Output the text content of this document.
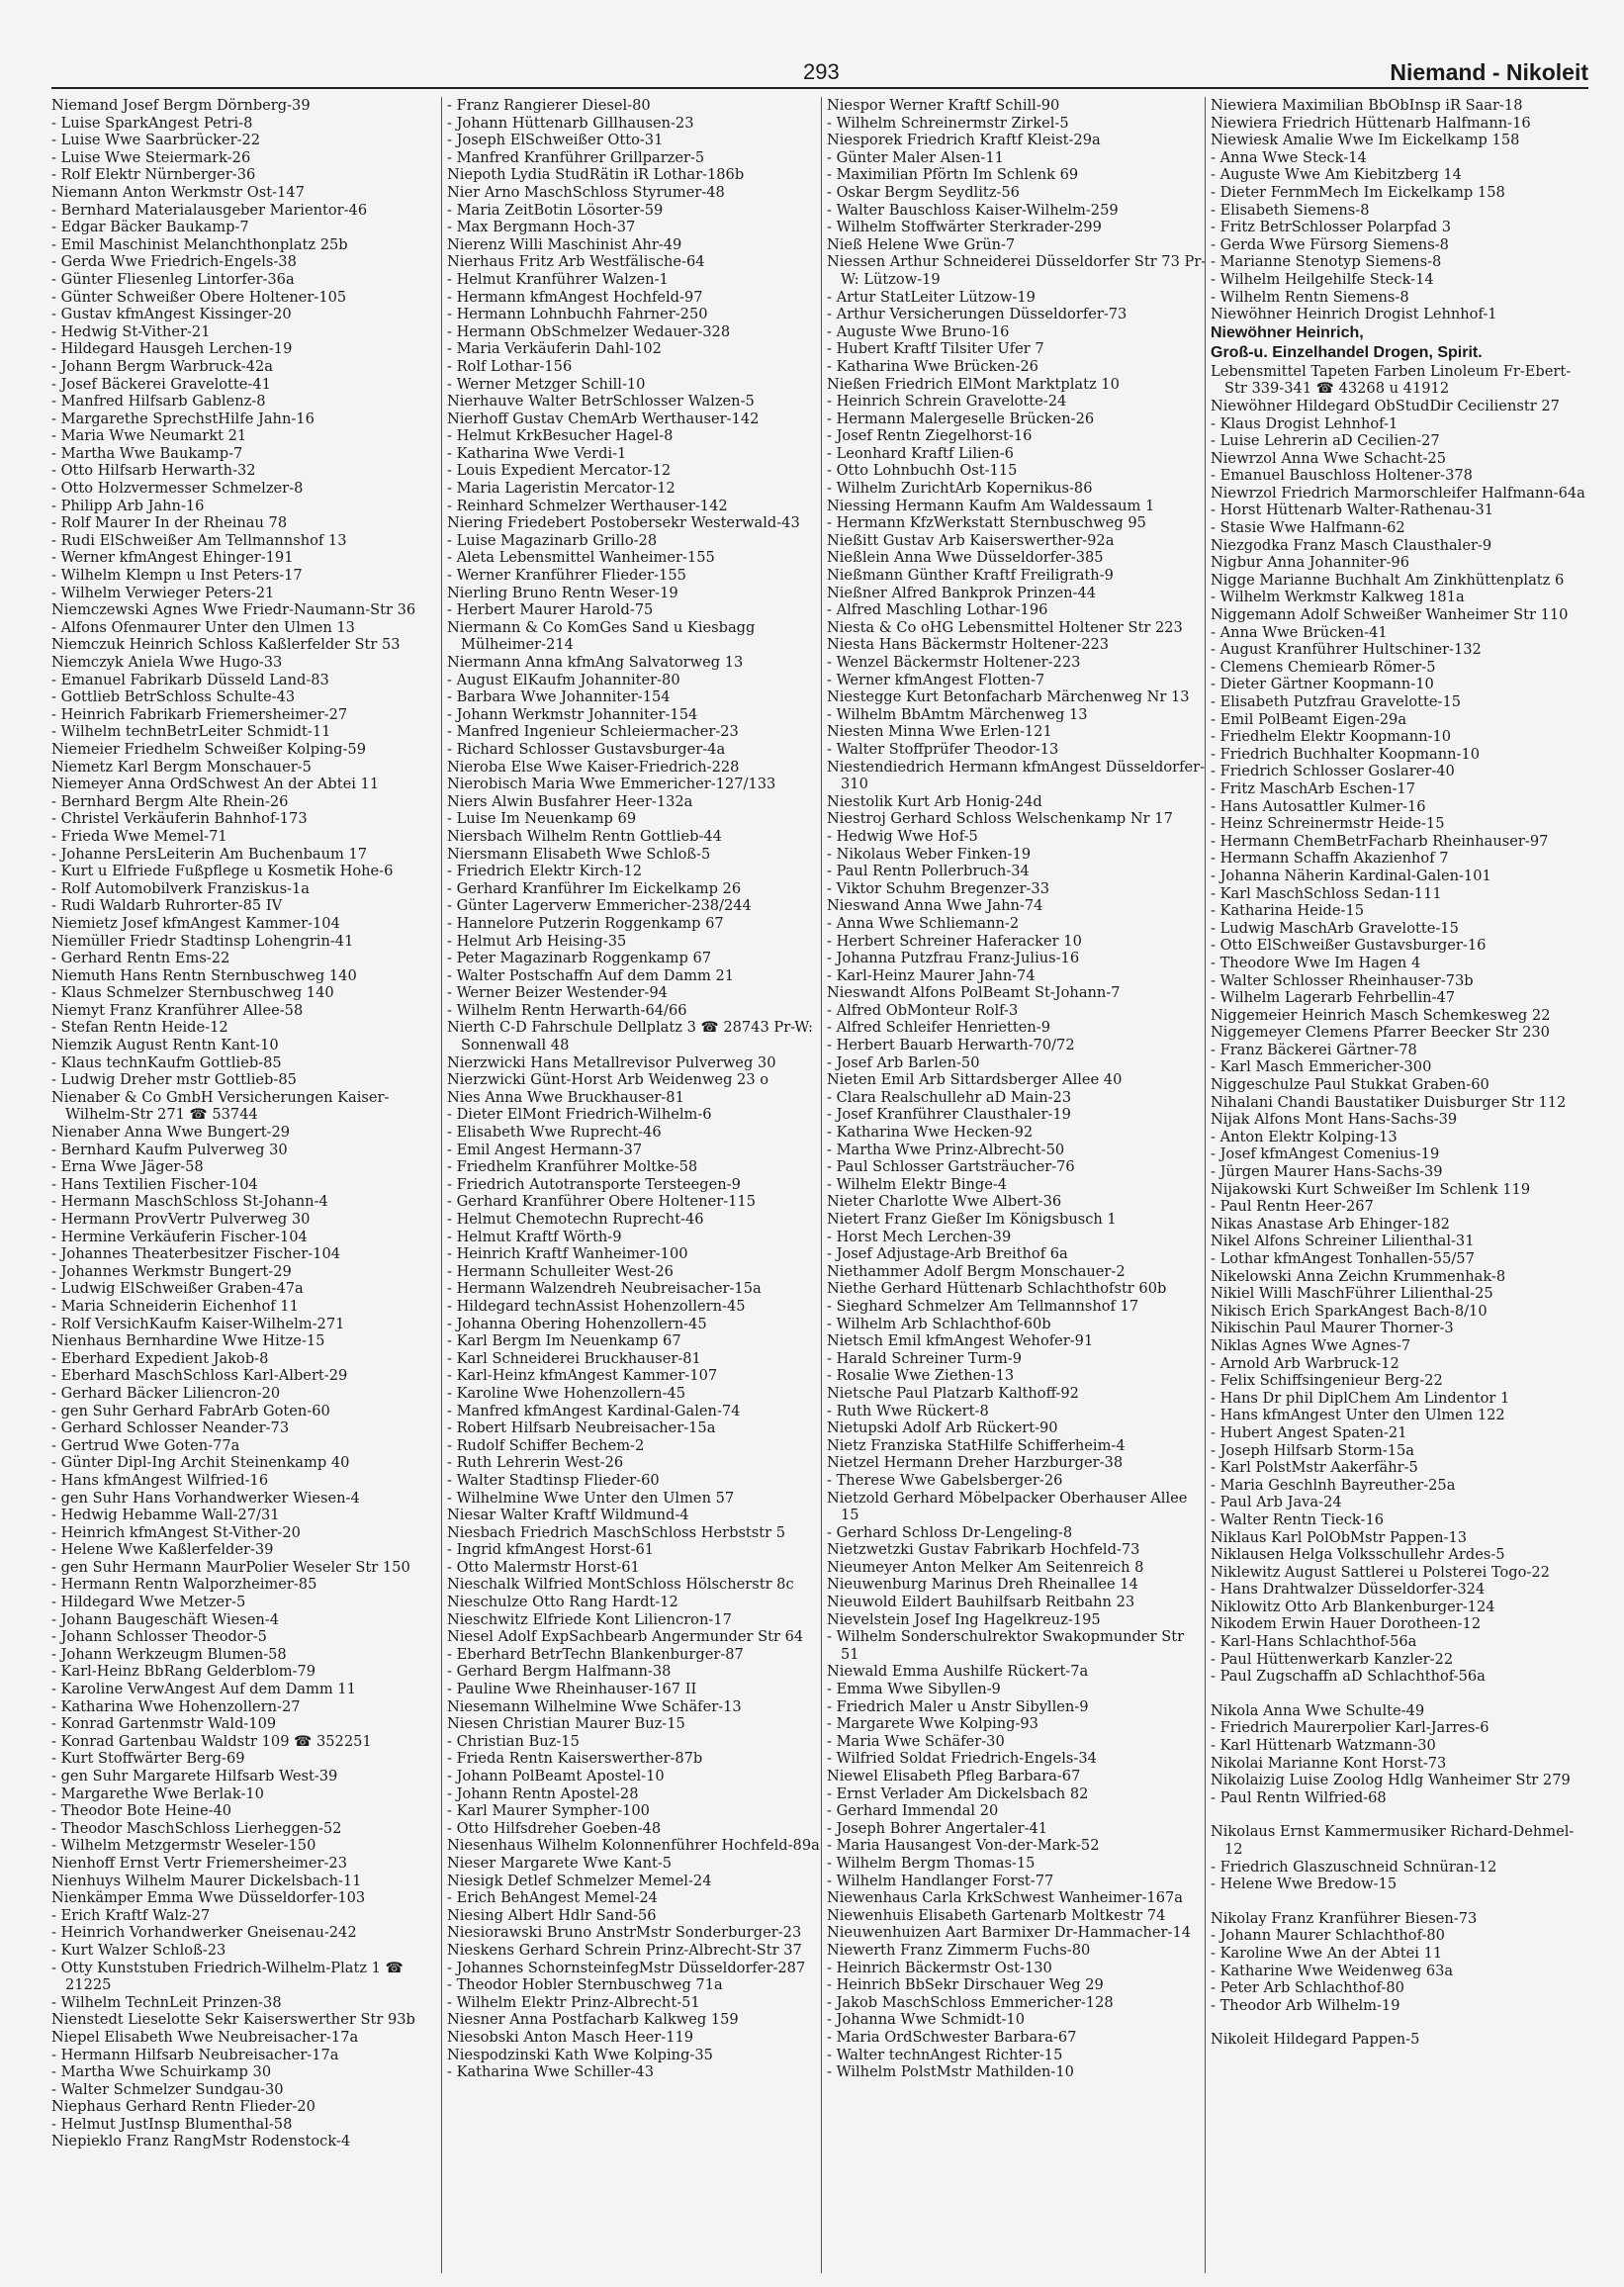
293	Niemand - Nikoleit
Niemand Josef Bergm Dörnberg-39
- Luise SparkAngest Petri-8
- Luise Wwe Saarbrücker-22
- Luise Wwe Steiermark-26
- Rolf Elektr Nürnberger-36
Niemann Anton Werkmstr Ost-147
- Bernhard Materialausgeber Marientor-46
- Edgar Bäcker Baukamp-7
- Emil Maschinist Melanchthonplatz 25b
- Gerda Wwe Friedrich-Engels-38
- Günter Fliesenleg Lintorfer-36a
- Günter Schweißer Obere Holtener-105
- Gustav kfmAngest Kissinger-20
- Hedwig St-Vither-21
- Hildegard Hausgeh Lerchen-19
- Johann Bergm Warbruck-42a
- Josef Bäckerei Gravelotte-41
- Manfred Hilfsarb Gablenz-8
- Margarethe SprechstHilfe Jahn-16
- Maria Wwe Neumarkt 21
- Martha Wwe Baukamp-7
- Otto Hilfsarb Herwarth-32
- Otto Holzvermesser Schmelzer-8
- Philipp Arb Jahn-16
- Rolf Maurer In der Rheinau 78
- Rudi ElSchweißer Am Tellmannshof 13
- Werner kfmAngest Ehinger-191
- Wilhelm Klempn u Inst Peters-17
- Wilhelm Verwieger Peters-21
Niemczewski Agnes Wwe Friedr-Naumann-Str 36
- Alfons Ofenmaurer Unter den Ulmen 13
Niemczuk Heinrich Schloss Kaßlerfelder Str 53
Niemczyk Aniela Wwe Hugo-33
- Emanuel Fabrikarb Düsseld Land-83
- Gottlieb BetrSchloss Schulte-43
- Heinrich Fabrikarb Friemersheimer-27
- Wilhelm technBetrLeiter Schmidt-11
Niemeier Friedhelm Schweißer Kolping-59
Niemetz Karl Bergm Monschauer-5
Niemeyer Anna OrdSchwest An der Abtei 11
- Bernhard Bergm Alte Rhein-26
- Christel Verkäuferin Bahnhof-173
- Frieda Wwe Memel-71
- Johanne PersLeiterin Am Buchenbaum 17
- Kurt u Elfriede Fußpflege u Kosmetik Hohe-6
- Rolf Automobilverk Franziskus-1a
- Rudi Waldarb Ruhrorter-85 IV
Niemietz Josef kfmAngest Kammer-104
Niemüller Friedr Stadtinsp Lohengrin-41
- Gerhard Rentn Ems-22
Niemuth Hans Rentn Sternbuschweg 140
- Klaus Schmelzer Sternbuschweg 140
Niemyt Franz Kranführer Allee-58
- Stefan Rentn Heide-12
Niemzik August Rentn Kant-10
- Klaus technKaufm Gottlieb-85
- Ludwig Dreher mstr Gottlieb-85
Nienaber & Co GmbH Versicherungen Kaiser-Wilhelm-Str 271 ☎ 53744
Nienaber Anna Wwe Bungert-29
- Bernhard Kaufm Pulverweg 30
- Erna Wwe Jäger-58
- Hans Textilien Fischer-104
- Hermann MaschSchloss St-Johann-4
- Hermann ProvVertr Pulverweg 30
- Hermine Verkäuferin Fischer-104
- Johannes Theaterbesitzer Fischer-104
- Johannes Werkmstr Bungert-29
- Ludwig ElSchweißer Graben-47a
- Maria Schneiderin Eichenhof 11
- Rolf VersichKaufm Kaiser-Wilhelm-271
Nienhaus Bernhardine Wwe Hitze-15
- Eberhard Expedient Jakob-8
- Eberhard MaschSchloss Karl-Albert-29
- Gerhard Bäcker Liliencron-20
- gen Suhr Gerhard FabrArb Goten-60
- Gerhard Schlosser Neander-73
- Gertrud Wwe Goten-77a
- Günter Dipl-Ing Archit Steinenkamp 40
- Hans kfmAngest Wilfried-16
- gen Suhr Hans Vorhandwerker Wiesen-4
- Hedwig Hebamme Wall-27/31
- Heinrich kfmAngest St-Vither-20
- Helene Wwe Kaßlerfelder-39
- gen Suhr Hermann MaurPolier Weseler Str 150
- Hermann Rentn Walporzheimer-85
- Hildegard Wwe Metzer-5
- Johann Baugeschäft Wiesen-4
- Johann Schlosser Theodor-5
- Johann Werkzeugm Blumen-58
- Karl-Heinz BbRang Gelderblom-79
- Karoline VerwAngest Auf dem Damm 11
- Katharina Wwe Hohenzollern-27
- Konrad Gartenmstr Wald-109
- Konrad Gartenbau Waldstr 109 ☎ 352251
- Kurt Stoffwärter Berg-69
- gen Suhr Margarete Hilfsarb West-39
- Margarethe Wwe Berlak-10
- Theodor Bote Heine-40
- Theodor MaschSchloss Lierheggen-52
- Wilhelm Metzgermstr Weseler-150
Nienhoff Ernst Vertr Friemersheimer-23
Nienhuys Wilhelm Maurer Dickelsbach-11
Nienkämper Emma Wwe Düsseldorfer-103
- Erich Kraftf Walz-27
- Heinrich Vorhandwerker Gneisenau-242
- Kurt Walzer Schloß-23
- Otty Kunststuben Friedrich-Wilhelm-Platz 1 ☎ 21225
- Wilhelm TechnLeit Prinzen-38
Nienstedt Lieselotte Sekr Kaiserswerther Str 93b
Niepel Elisabeth Wwe Neubreisacher-17a
- Hermann Hilfsarb Neubreisacher-17a
- Martha Wwe Schuirkamp 30
- Walter Schmelzer Sundgau-30
Niephaus Gerhard Rentn Flieder-20
- Helmut JustInsp Blumenthal-58
Niepieklo Franz RangMstr Rodenstock-4
- Franz Rangierer Diesel-80
- Johann Hüttenarb Gillhausen-23
- Joseph ElSchweißer Otto-31
- Manfred Kranführer Grillparzer-5
Niepoth Lydia StudRätin iR Lothar-186b
Nier Arno MaschSchloss Styrumer-48
- Maria ZeitBotin Lösorter-59
- Max Bergmann Hoch-37
Nierenz Willi Maschinist Ahr-49
Nierhaus Fritz Arb Westfälische-64
- Helmut Kranführer Walzen-1
- Hermann kfmAngest Hochfeld-97
- Hermann Lohnbuchh Fahrner-250
- Hermann ObSchmelzer Wedauer-328
- Maria Verkäuferin Dahl-102
- Rolf Lothar-156
- Werner Metzger Schill-10
Nierhauve Walter BetrSchlosser Walzen-5
Nierhoff Gustav ChemArb Werthauser-142
- Helmut KrkBesucher Hagel-8
- Katharina Wwe Verdi-1
- Louis Expedient Mercator-12
- Maria Lageristin Mercator-12
- Reinhard Schmelzer Werthauser-142
Niering Friedebert Postobersekr Westerwald-43
- Luise Magazinarb Grillo-28
- Aleta Lebensmittel Wanheimer-155
- Werner Kranführer Flieder-155
Nierling Bruno Rentn Weser-19
- Herbert Maurer Harold-75
Niermann & Co KomGes Sand u Kiesbagg Mülheimer-214
Niermann Anna kfmAng Salvatorweg 13
- August ElKaufm Johanniter-80
- Barbara Wwe Johanniter-154
- Johann Werkmstr Johanniter-154
- Manfred Ingenieur Schleiermacher-23
- Richard Schlosser Gustavsburger-4a
Nieroba Else Wwe Kaiser-Friedrich-228
Nierobisch Maria Wwe Emmericher-127/133
Niers Alwin Busfahrer Heer-132a
- Luise Im Neuenkamp 69
Niersbach Wilhelm Rentn Gottlieb-44
Niersmann Elisabeth Wwe Schloß-5
- Friedrich Elektr Kirch-12
- Gerhard Kranführer Im Eickelkamp 26
- Günter Lagerverw Emmericher-238/244
- Hannelore Putzerin Roggenkamp 67
- Helmut Arb Heising-35
- Peter Magazinarb Roggenkamp 67
- Walter Postschaffn Auf dem Damm 21
- Werner Beizer Westender-94
- Wilhelm Rentn Herwarth-64/66
Nierth C-D Fahrschule Dellplatz 3 ☎ 28743 Pr-W: Sonnenwall 48
Nierzwicki Hans Metallrevisor Pulverweg 30
Nierzwicki Günt-Horst Arb Weidenweg 23 o
Nies Anna Wwe Bruckhauser-81
- Dieter ElMont Friedrich-Wilhelm-6
- Elisabeth Wwe Ruprecht-46
- Emil Angest Hermann-37
- Friedhelm Kranführer Moltke-58
- Friedrich Autotransporte Tersteegen-9
- Gerhard Kranführer Obere Holtener-115
- Helmut Chemotechn Ruprecht-46
- Helmut Kraftf Wörth-9
- Heinrich Kraftf Wanheimer-100
- Hermann Schulleiter West-26
- Hermann Walzendreh Neubreisacher-15a
- Hildegard technAssist Hohenzollern-45
- Johanna Obering Hohenzollern-45
- Karl Bergm Im Neuenkamp 67
- Karl Schneiderei Bruckhauser-81
- Karl-Heinz kfmAngest Kammer-107
- Karoline Wwe Hohenzollern-45
- Manfred kfmAngest Kardinal-Galen-74
- Robert Hilfsarb Neubreisacher-15a
- Rudolf Schiffer Bechem-2
- Ruth Lehrerin West-26
- Walter Stadtinsp Flieder-60
- Wilhelmine Wwe Unter den Ulmen 57
Niesar Walter Kraftf Wildmund-4
Niesbach Friedrich MaschSchloss Herbststr 5
- Ingrid kfmAngest Horst-61
- Otto Malermstr Horst-61
Nieschalk Wilfried MontSchloss Hölscherstr 8c
Nieschulze Otto Rang Hardt-12
Nieschwitz Elfriede Kont Liliencron-17
Niesel Adolf ExpSachbearb Angermunder Str 64
- Eberhard BetrTechn Blankenburger-87
- Gerhard Bergm Halfmann-38
- Pauline Wwe Rheinhauser-167 II
Niesemann Wilhelmine Wwe Schäfer-13
Niesen Christian Maurer Buz-15
- Christian Buz-15
- Frieda Rentn Kaiserswerther-87b
- Johann PolBeamt Apostel-10
- Johann Rentn Apostel-28
- Karl Maurer Sympher-100
- Otto Hilfsdreher Goeben-48
Niesenhaus Wilhelm Kolonnenführer Hochfeld-89a
Nieser Margarete Wwe Kant-5
Niesigk Detlef Schmelzer Memel-24
- Erich BehAngest Memel-24
Niesing Albert Hdlr Sand-56
Niesiorawski Bruno AnstrMstr Sonderburger-23
Nieskens Gerhard Schrein Prinz-Albrecht-Str 37
- Johannes SchornsteinfegMstr Düsseldorfer-287
- Theodor Hobler Sternbuschweg 71a
- Wilhelm Elektr Prinz-Albrecht-51
Niesner Anna Postfacharb Kalkweg 159
Niesobski Anton Masch Heer-119
Niespodzinski Kath Wwe Kolping-35
- Katharina Wwe Schiller-43
Niespor Werner Kraftf Schill-90
- Wilhelm Schreinermstr Zirkel-5
Niesporek Friedrich Kraftf Kleist-29a
- Günter Maler Alsen-11
- Maximilian Pförtn Im Schlenk 69
- Oskar Bergm Seydlitz-56
- Walter Bauschloss Kaiser-Wilhelm-259
- Wilhelm Stoffwärter Sterkrader-299
Nieß Helene Wwe Grün-7
Niessen Arthur Schneiderei Düsseldorfer Str 73 Pr-W: Lützow-19
- Artur StatLeiter Lützow-19
- Arthur Versicherungen Düsseldorfer-73
- Auguste Wwe Bruno-16
- Hubert Kraftf Tilsiter Ufer 7
- Katharina Wwe Brücken-26
Nießen Friedrich ElMont Marktplatz 10
- Heinrich Schrein Gravelotte-24
- Hermann Malergeselle Brücken-26
- Josef Rentn Ziegelhorst-16
- Leonhard Kraftf Lilien-6
- Otto Lohnbuchh Ost-115
- Wilhelm ZurichtArb Kopernikus-86
Niessing Hermann Kaufm Am Waldessaum 1
- Hermann KfzWerkstatt Sternbuschweg 95
Nießitt Gustav Arb Kaiserswerther-92a
Nießlein Anna Wwe Düsseldorfer-385
Nießmann Günther Kraftf Freiligrath-9
Nießner Alfred Bankprok Prinzen-44
- Alfred Maschling Lothar-196
Niesta & Co oHG Lebensmittel Holtener Str 223
Niesta Hans Bäckermstr Holtener-223
- Wenzel Bäckermstr Holtener-223
- Werner kfmAngest Flotten-7
Niestegge Kurt Betonfacharb Märchenweg Nr 13
- Wilhelm BbAmtm Märchenweg 13
Niesten Minna Wwe Erlen-121
- Walter Stoffprüfer Theodor-13
Niestendiedrich Hermann kfmAngest Düsseldorfer-310
Niestolik Kurt Arb Honig-24d
Niestroj Gerhard Schloss Welschenkamp Nr 17
- Hedwig Wwe Hof-5
- Nikolaus Weber Finken-19
- Paul Rentn Pollerbruch-34
- Viktor Schuhm Bregenzer-33
Nieswand Anna Wwe Jahn-74
- Anna Wwe Schliemann-2
- Herbert Schreiner Haferacker 10
- Johanna Putzfrau Franz-Julius-16
- Karl-Heinz Maurer Jahn-74
Nieswandt Alfons PolBeamt St-Johann-7
- Alfred ObMonteur Rolf-3
- Alfred Schleifer Henrietten-9
- Herbert Bauarb Herwarth-70/72
- Josef Arb Barlen-50
Nieten Emil Arb Sittardsberger Allee 40
- Clara Realschullehr aD Main-23
- Josef Kranführer Clausthaler-19
- Katharina Wwe Hecken-92
- Martha Wwe Prinz-Albrecht-50
- Paul Schlosser Gartsträucher-76
- Wilhelm Elektr Binge-4
Nieter Charlotte Wwe Albert-36
Nietert Franz Gießer Im Königsbusch 1
- Horst Mech Lerchen-39
- Josef Adjustage-Arb Breithof 6a
Niethammer Adolf Bergm Monschauer-2
Niethe Gerhard Hüttenarb Schlachthofstr 60b
- Sieghard Schmelzer Am Tellmannshof 17
- Wilhelm Arb Schlachthof-60b
Nietsch Emil kfmAngest Wehofer-91
- Harald Schreiner Turm-9
- Rosalie Wwe Ziethen-13
Nietsche Paul Platzarb Kalthoff-92
- Ruth Wwe Rückert-8
Nietupski Adolf Arb Rückert-90
Nietz Franziska StatHilfe Schifferheim-4
Nietzel Hermann Dreher Harzburger-38
- Therese Wwe Gabelsberger-26
Nietzold Gerhard Möbelpacker Oberhauser Allee 15
- Gerhard Schloss Dr-Lengeling-8
Nietzwetzki Gustav Fabrikarb Hochfeld-73
Nieumeyer Anton Melker Am Seitenreich 8
Nieuwenburg Marinus Dreh Rheinallee 14
Nieuwold Eildert Bauhilfsarb Reitbahn 23
Nievelstein Josef Ing Hagelkreuz-195
- Wilhelm Sonderschulrektor Swakopmunder Str 51
Niewald Emma Aushilfe Rückert-7a
- Emma Wwe Sibyllen-9
- Friedrich Maler u Anstr Sibyllen-9
- Margarete Wwe Kolping-93
- Maria Wwe Schäfer-30
- Wilfried Soldat Friedrich-Engels-34
Niewel Elisabeth Pfleg Barbara-67
- Ernst Verlader Am Dickelsbach 82
- Gerhard Immendal 20
- Joseph Bohrer Angertaler-41
- Maria Hausangest Von-der-Mark-52
- Wilhelm Bergm Thomas-15
- Wilhelm Handlanger Forst-77
Niewenhaus Carla KrkSchwest Wanheimer-167a
Niewenhuis Elisabeth Gartenarb Moltkestr 74
Nieuwenhuizen Aart Barmixer Dr-Hammacher-14
Niewerth Franz Zimmerm Fuchs-80
- Heinrich Bäckermstr Ost-130
- Heinrich BbSekr Dirschauer Weg 29
- Jakob MaschSchloss Emmericher-128
- Johanna Wwe Schmidt-10
- Maria OrdSchwester Barbara-67
- Walter technAngest Richter-15
- Wilhelm PolstMstr Mathilden-10
Niewiera Maximilian BbObInsp iR Saar-18
Niewiera Friedrich Hüttenarb Halfmann-16
Niewiesk Amalie Wwe Im Eickelkamp 158
- Anna Wwe Steck-14
- Auguste Wwe Am Kiebitzberg 14
- Dieter FernmMech Im Eickelkamp 158
- Elisabeth Siemens-8
- Fritz BetrSchlosser Polarpfad 3
- Gerda Wwe Fürsorg Siemens-8
- Marianne Stenotyp Siemens-8
- Wilhelm Heilgehilfe Steck-14
- Wilhelm Rentn Siemens-8
Niewöhner Heinrich Drogist Lehnhof-1
Niewöhner Heinrich,
Groß-u. Einzelhandel Drogen, Spirit.
Lebensmittel Tapeten Farben Linoleum Fr-Ebert-Str 339-341 ☎ 43268 u 41912
Niewöhner Hildegard ObStudDir Cecilienstr 27
- Klaus Drogist Lehnhof-1
- Luise Lehrerin aD Cecilien-27
Niewrzol Anna Wwe Schacht-25
- Emanuel Bauschloss Holtener-378
Niewrzol Friedrich Marmorschleifer Halfmann-64a
- Horst Hüttenarb Walter-Rathenau-31
- Stasie Wwe Halfmann-62
Niezgodka Franz Masch Clausthaler-9
Nigbur Anna Johanniter-96
Nigge Marianne Buchhalt Am Zinkhüttenplatz 6
- Wilhelm Werkmstr Kalkweg 181a
Niggemann Adolf Schweißer Wanheimer Str 110
- Anna Wwe Brücken-41
- August Kranführer Hultschiner-132
- Clemens Chemiearb Römer-5
- Dieter Gärtner Koopmann-10
- Elisabeth Putzfrau Gravelotte-15
- Emil PolBeamt Eigen-29a
- Friedhelm Elektr Koopmann-10
- Friedrich Buchhalter Koopmann-10
- Friedrich Schlosser Goslarer-40
- Fritz MaschArb Eschen-17
- Hans Autosattler Kulmer-16
- Heinz Schreinermstr Heide-15
- Hermann ChemBetrFacharb Rheinhauser-97
- Hermann Schaffn Akazienhof 7
- Johanna Näherin Kardinal-Galen-101
- Karl MaschSchloss Sedan-111
- Katharina Heide-15
- Ludwig MaschArb Gravelotte-15
- Otto ElSchweißer Gustavsburger-16
- Theodore Wwe Im Hagen 4
- Walter Schlosser Rheinhauser-73b
- Wilhelm Lagerarb Fehrbellin-47
Niggemeier Heinrich Masch Schemkesweg 22
Niggemeyer Clemens Pfarrer Beecker Str 230
- Franz Bäckerei Gärtner-78
- Karl Masch Emmericher-300
Niggeschulze Paul Stukkat Graben-60
Nihalani Chandi Baustatiker Duisburger Str 112
Nijak Alfons Mont Hans-Sachs-39
- Anton Elektr Kolping-13
- Josef kfmAngest Comenius-19
- Jürgen Maurer Hans-Sachs-39
Nijakowski Kurt Schweißer Im Schlenk 119
- Paul Rentn Heer-267
Nikas Anastase Arb Ehinger-182
Nikel Alfons Schreiner Lilienthal-31
- Lothar kfmAngest Tonhallen-55/57
Nikelowski Anna Zeichn Krummenhak-8
Nikiel Willi MaschFührer Lilienthal-25
Nikisch Erich SparkAngest Bach-8/10
Nikischin Paul Maurer Thorner-3
Niklas Agnes Wwe Agnes-7
- Arnold Arb Warbruck-12
- Felix Schiffsingenieur Berg-22
- Hans Dr phil DiplChem Am Lindentor 1
- Hans kfmAngest Unter den Ulmen 122
- Hubert Angest Spaten-21
- Joseph Hilfsarb Storm-15a
- Karl PolstMstr Aakerfähr-5
- Maria Geschlnh Bayreuther-25a
- Paul Arb Java-24
- Walter Rentn Tieck-16
Niklaus Karl PolObMstr Pappen-13
Niklausen Helga Volksschullehr Ardes-5
Niklewitz August Sattlerei u Polsterei Togo-22
- Hans Drahtwalzer Düsseldorfer-324
Niklowitz Otto Arb Blankenburger-124
Nikodem Erwin Hauer Dorotheen-12
- Karl-Hans Schlachthof-56a
- Paul Hüttenwerkarb Kanzler-22
- Paul Zugschaffn aD Schlachthof-56a
Nikola Anna Wwe Schulte-49
- Friedrich Maurerpolier Karl-Jarres-6
- Karl Hüttenarb Watzmann-30
Nikolai Marianne Kont Horst-73
Nikolaizig Luise Zoolog Hdlg Wanheimer Str 279
- Paul Rentn Wilfried-68
Nikolaus Ernst Kammermusiker Richard-Dehmel-12
- Friedrich Glaszuschneid Schnüran-12
- Helene Wwe Bredow-15
Nikolay Franz Kranführer Biesen-73
- Johann Maurer Schlachthof-80
- Karoline Wwe An der Abtei 11
- Katharine Wwe Weidenweg 63a
- Peter Arb Schlachthof-80
- Theodor Arb Wilhelm-19
Nikoleit Hildegard Pappen-5
